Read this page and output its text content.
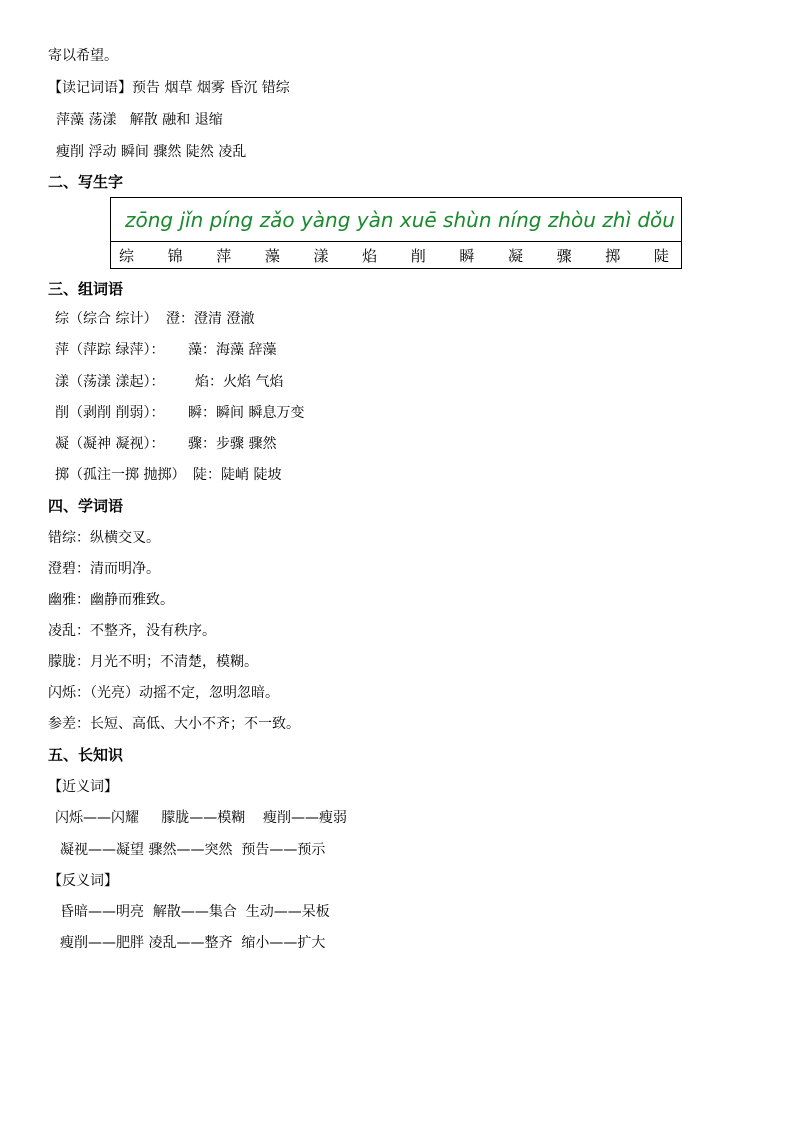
寄以希望。
【读记词语】预告 烟草 烟雾 昏沉 错综
萍藻 荡漾   解散 融和 退缩
瘦削 浮动 瞬间 骤然 陡然 凌乱
二、写生字
zōng jǐn píng zǎo yàng yàn xuē shùn níng zhòu zhì dǒu
综 锦 萍 藻 漾 焰 削 瞬 凝 骤 掷 陡
三、组词语
综（综合 综计） 澄：澄清 澄澈
萍（萍踪 绿萍）： 藻：海藻 辞藻
漾（荡漾 漾起）： 焰：火焰 气焰
削（剥削 削弱）： 瞬：瞬间 瞬息万变
凝（凝神 凝视）： 骤：步骤 骤然
掷（孤注一掷 抛掷） 陡：陡峭 陡坡
四、学词语
错综：纵横交叉。
澄碧：清而明净。
幽雅：幽静而雅致。
凌乱：不整齐，没有秩序。
朦胧：月光不明；不清楚，模糊。
闪烁：（光亮）动摇不定，忽明忽暗。
参差：长短、高低、大小不齐；不一致。
五、长知识
【近义词】
闪烁——闪耀     朦胧——模糊    瘦削——瘦弱
凝视——凝望 骤然——突然  预告——预示
【反义词】
昏暗——明亮  解散——集合  生动——呆板
瘦削——肥胖 凌乱——整齐  缩小——扩大
